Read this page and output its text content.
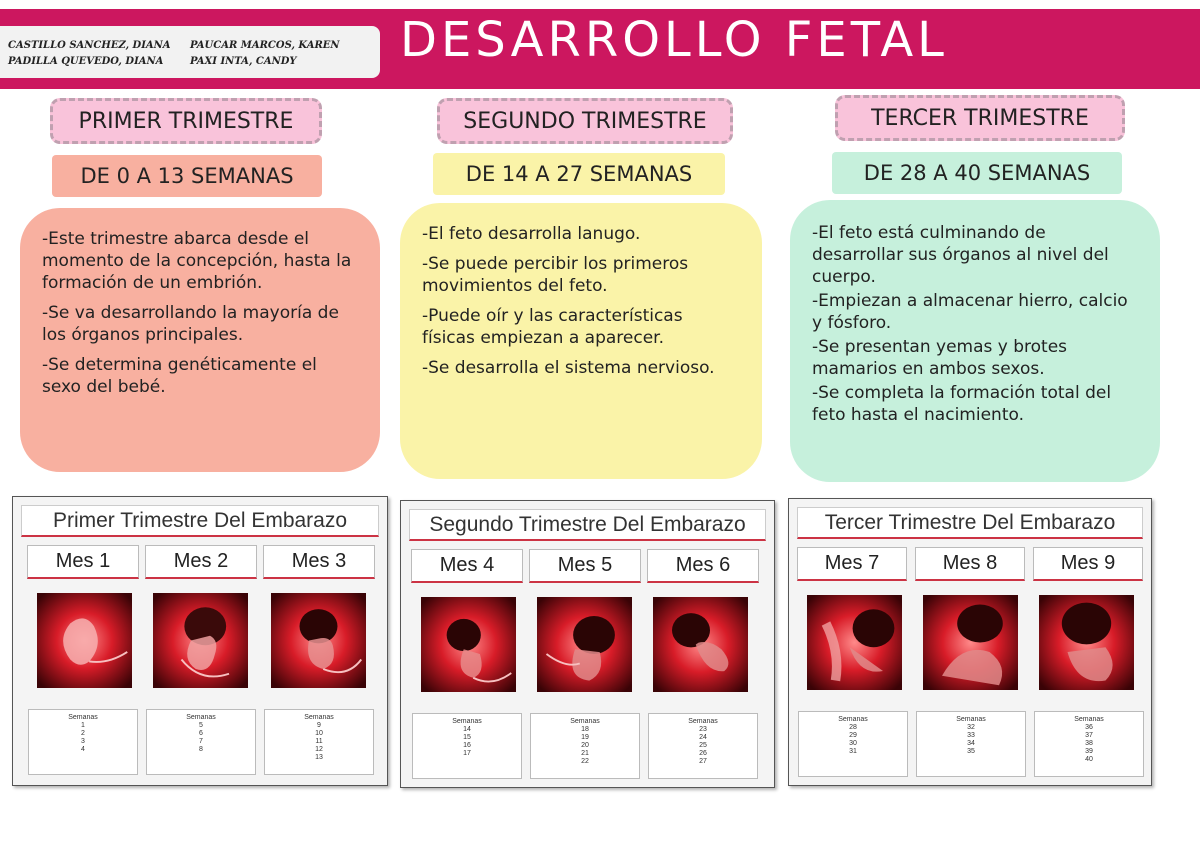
CASTILLO SANCHEZ, DIANA PAUCAR MARCOS, KAREN
PADILLA QUEVEDO, DIANA	PAXI INTA, CANDY DESARROLLO FETAL
PRIMER TRIMESTRE	SEGUNDO TRIMESTRE	TERCER TRIMESTRE
DE 0 A 13 SEMANAS	DE 14 A 27 SEMANAS	DE 28 A 40 SEMANAS

-Este trimestre abarca desde el momento de la concepción, hasta la formación de un embrión.

-Se va desarrollando la mayoría de los órganos principales.

-Se determina genéticamente el sexo del bebé.

-El feto desarrolla lanugo.

-Se puede percibir los primeros movimientos del feto.

-Puede oír y las características físicas empiezan a aparecer.

-Se desarrolla el sistema nervioso.

-El feto está culminando de desarrollar sus órganos al nivel del cuerpo.

-Empiezan a almacenar hierro, calcio y fósforo.

-Se presentan yemas y brotes mamarios en ambos sexos.

-Se completa la formación total del feto hasta el nacimiento.

Primer Trimestre Del Embarazo
Mes 1	Mes 2	Mes 3
Semanas
1
2
3
4
Semanas
5
6
7
8
Semanas
9
10
11
12
13
Segundo Trimestre Del Embarazo
Mes 4	Mes 5	Mes 6
Semanas
14
15
16
17
Semanas
18
19
20
21
22
Semanas
23
24
25
26
27
Tercer Trimestre Del Embarazo
Mes 7	Mes 8	Mes 9
Semanas
28
29
30
31
Semanas
32
33
34
35
Semanas
36
37
38
39
40
